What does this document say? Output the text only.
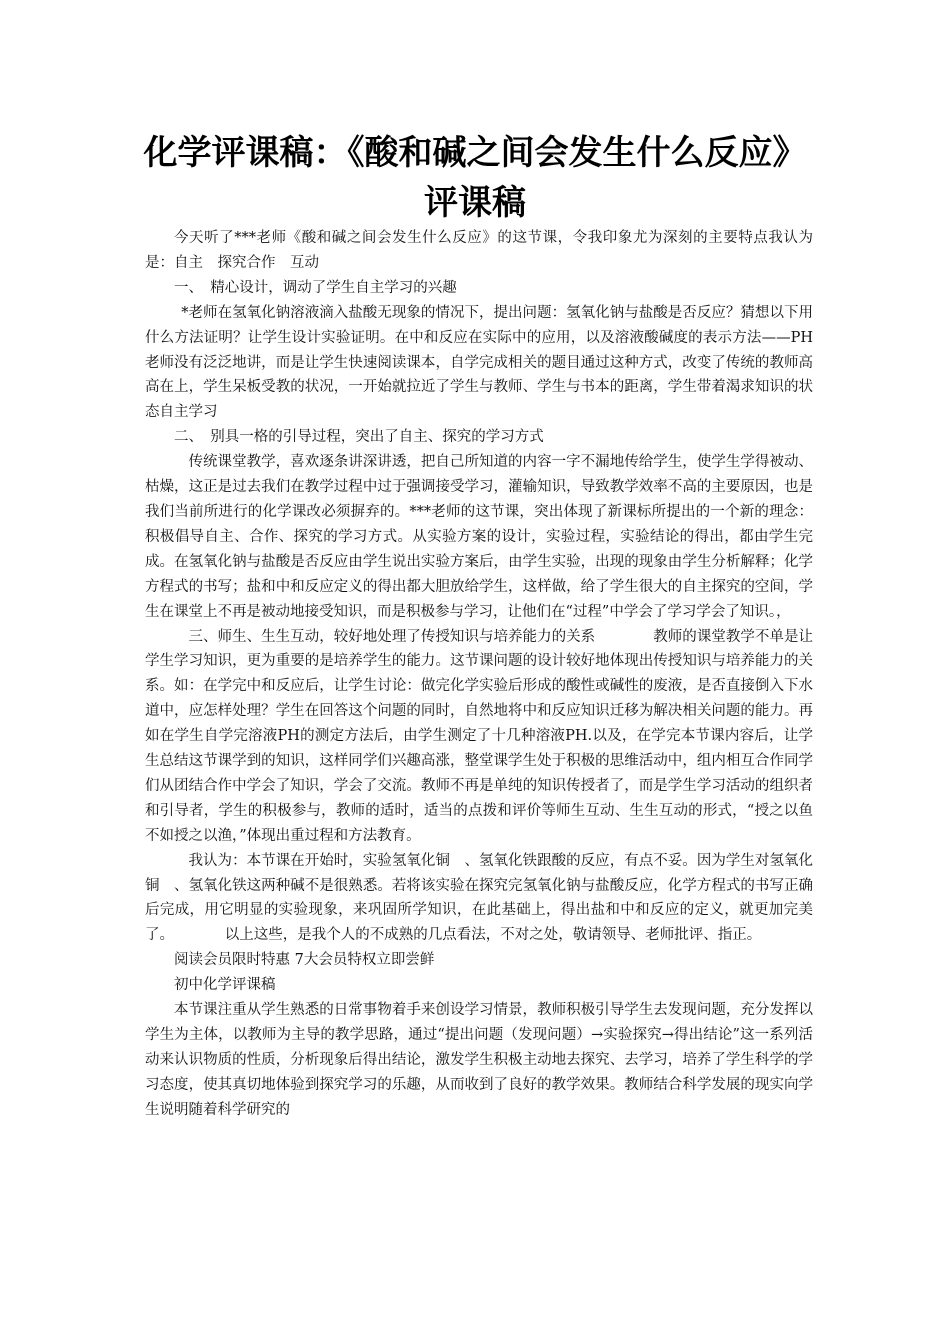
化学评课稿：《酸和碱之间会发生什么反应》评课稿

今天听了***老师《酸和碱之间会发生什么反应》的这节课，令我印象尤为深刻的主要特点我认为是：自主　探究合作　互动

一、　精心设计，调动了学生自主学习的兴趣

*老师在氢氧化钠溶液滴入盐酸无现象的情况下，提出问题：氢氧化钠与盐酸是否反应？猜想以下用什么方法证明？让学生设计实验证明。在中和反应在实际中的应用，以及溶液酸碱度的表示方法——PH老师没有泛泛地讲，而是让学生快速阅读课本，自学完成相关的题目通过这种方式，改变了传统的教师高高在上，学生呆板受教的状况，一开始就拉近了学生与教师、学生与书本的距离，学生带着渴求知识的状态自主学习

二、　别具一格的引导过程，突出了自主、探究的学习方式

传统课堂教学，喜欢逐条讲深讲透，把自己所知道的内容一字不漏地传给学生，使学生学得被动、枯燥，这正是过去我们在教学过程中过于强调接受学习，灌输知识，导致教学效率不高的主要原因，也是我们当前所进行的化学课改必须摒弃的。***老师的这节课，突出体现了新课标所提出的一个新的理念：积极倡导自主、合作、探究的学习方式。从实验方案的设计，实验过程，实验结论的得出，都由学生完成。在氢氧化钠与盐酸是否反应由学生说出实验方案后，由学生实验，出现的现象由学生分析解释；化学方程式的书写；盐和中和反应定义的得出都大胆放给学生，这样做，给了学生很大的自主探究的空间，学生在课堂上不再是被动地接受知识，而是积极参与学习，让他们在“过程”中学会了学习学会了知识。，

三、师生、生生互动，较好地处理了传授知识与培养能力的关系　　　　教师的课堂教学不单是让学生学习知识，更为重要的是培养学生的能力。这节课问题的设计较好地体现出传授知识与培养能力的关系。如：在学完中和反应后，让学生讨论：做完化学实验后形成的酸性或碱性的废液，是否直接倒入下水道中，应怎样处理？学生在回答这个问题的同时，自然地将中和反应知识迁移为解决相关问题的能力。再如在学生自学完溶液PH的测定方法后，由学生测定了十几种溶液PH.以及，在学完本节课内容后，让学生总结这节课学到的知识，这样同学们兴趣高涨，整堂课学生处于积极的思维活动中，组内相互合作同学们从团结合作中学会了知识，学会了交流。教师不再是单纯的知识传授者了，而是学生学习活动的组织者和引导者，学生的积极参与，教师的适时，适当的点拨和评价等师生互动、生生互动的形式，“授之以鱼不如授之以渔，”体现出重过程和方法教育。

我认为：本节课在开始时，实验氢氧化铜　、氢氧化铁跟酸的反应，有点不妥。因为学生对氢氧化铜　、氢氧化铁这两种碱不是很熟悉。若将该实验在探究完氢氧化钠与盐酸反应，化学方程式的书写正确后完成，用它明显的实验现象，来巩固所学知识，在此基础上，得出盐和中和反应的定义，就更加完美了。　　　　以上这些，是我个人的不成熟的几点看法，不对之处，敬请领导、老师批评、指正。

阅读会员限时特惠 7大会员特权立即尝鲜

初中化学评课稿

本节课注重从学生熟悉的日常事物着手来创设学习情景，教师积极引导学生去发现问题，充分发挥以学生为主体，以教师为主导的教学思路，通过“提出问题（发现问题）→实验探究→得出结论”这一系列活动来认识物质的性质，分析现象后得出结论，激发学生积极主动地去探究、去学习，培养了学生科学的学习态度，使其真切地体验到探究学习的乐趣，从而收到了良好的教学效果。教师结合科学发展的现实向学生说明随着科学研究的
